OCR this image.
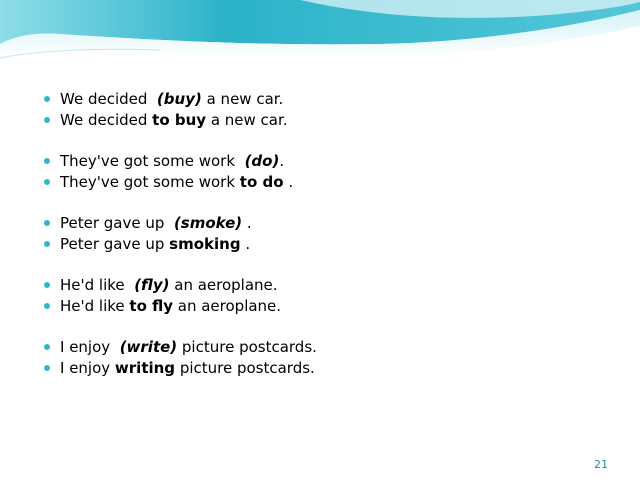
We decided (buy) a new car.
We decided to buy a new car.
They've got some work (do) .
They've got some work to do .
Peter gave up (smoke) .
Peter gave up smoking .
He'd like (fly) an aeroplane.
He'd like to fly an aeroplane.
I enjoy (write) picture postcards.
I enjoy writing picture postcards.
21
